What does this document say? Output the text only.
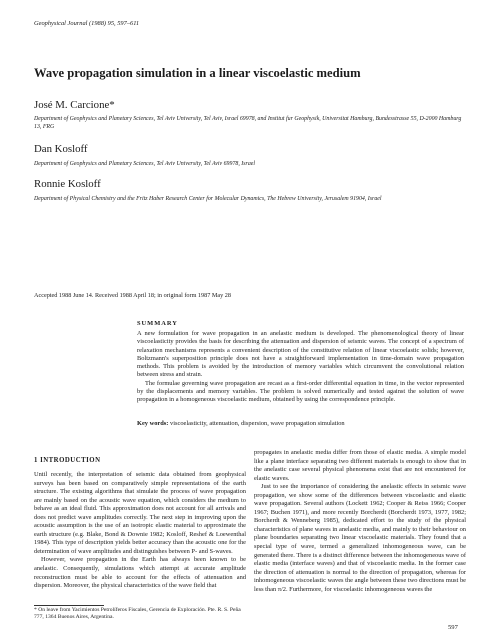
Geophysical Journal (1988) 95, 597–611
Wave propagation simulation in a linear viscoelastic medium
José M. Carcione*
Department of Geophysics and Planetary Sciences, Tel Aviv University, Tel Aviv, Israel 69978, and Institut fur Geophysik, Universitat Hamburg, Bundesstrasse 55, D-2000 Hamburg 13, FRG
Dan Kosloff
Department of Geophysics and Planetary Sciences, Tel Aviv University, Tel Aviv 69978, Israel
Ronnie Kosloff
Department of Physical Chemistry and the Fritz Haber Research Center for Molecular Dynamics, The Hebrew University, Jerusalem 91904, Israel
Accepted 1988 June 14. Received 1988 April 18; in original form 1987 May 28
SUMMARY

A new formulation for wave propagation in an anelastic medium is developed. The phenomenological theory of linear viscoelasticity provides the basis for describing the attenuation and dispersion of seismic waves. The concept of a spectrum of relaxation mechanisms represents a convenient description of the constitutive relation of linear viscoelastic solids; however, Boltzmann's superposition principle does not have a straightforward implementation in time-domain wave propagation methods. This problem is avoided by the introduction of memory variables which circumvent the convolutional relation between stress and strain.

The formulae governing wave propagation are recast as a first-order differential equation in time, in the vector represented by the displacements and memory variables. The problem is solved numerically and tested against the solution of wave propagation in a homogeneous viscoelastic medium, obtained by using the correspondence principle.

Key words: viscoelasticity, attenuation, dispersion, wave propagation simulation
1 INTRODUCTION

Until recently, the interpretation of seismic data obtained from geophysical surveys has been based on comparatively simple representations of the earth structure. The existing algorithms that simulate the process of wave propagation are mainly based on the acoustic wave equation, which considers the medium to behave as an ideal fluid. This approximation does not account for all arrivals and does not predict wave amplitudes correctly. The next step in improving upon the acoustic assumption is the use of an isotropic elastic material to approximate the earth structure (e.g. Blake, Bond & Downie 1982; Kosloff, Reshef & Loewenthal 1984). This type of description yields better accuracy than the acoustic one for the determination of wave amplitudes and distinguishes between P- and S-waves.

However, wave propagation in the Earth has always been known to be anelastic. Consequently, simulations which attempt at accurate amplitude reconstruction must be able to account for the effects of attenuation and dispersion. Moreover, the physical characteristics of the wave field that

propagates in anelastic media differ from those of elastic media. A simple model like a plane interface separating two different materials is enough to show that in the anelastic case several physical phenomena exist that are not encountered for elastic waves.

Just to see the importance of considering the anelastic effects in seismic wave propagation, we show some of the differences between viscoelastic and elastic wave propagation. Several authors (Lockett 1962; Cooper & Reiss 1966; Cooper 1967; Buchen 1971), and more recently Borcherdt (Borcherdt 1973, 1977, 1982; Borcherdt & Wenneberg 1985), dedicated effort to the study of the physical characteristics of plane waves in anelastic media, and mainly to their behaviour on plane boundaries separating two linear viscoelastic materials. They found that a special type of wave, termed a generalized inhomogeneous wave, can be generated there. There is a distinct difference between the inhomogeneous wave of elastic media (interface waves) and that of viscoelastic media. In the former case the direction of attenuation is normal to the direction of propagation, whereas for inhomogeneous viscoelastic waves the angle between these two directions must be less than π/2. Furthermore, for viscoelastic inhomogeneous waves the

* On leave from Yacimientos Petrolíferos Fiscales, Gerencia de Exploración. Pte. R. S. Peña 777, 1364 Buenos Aires, Argentina.
597
